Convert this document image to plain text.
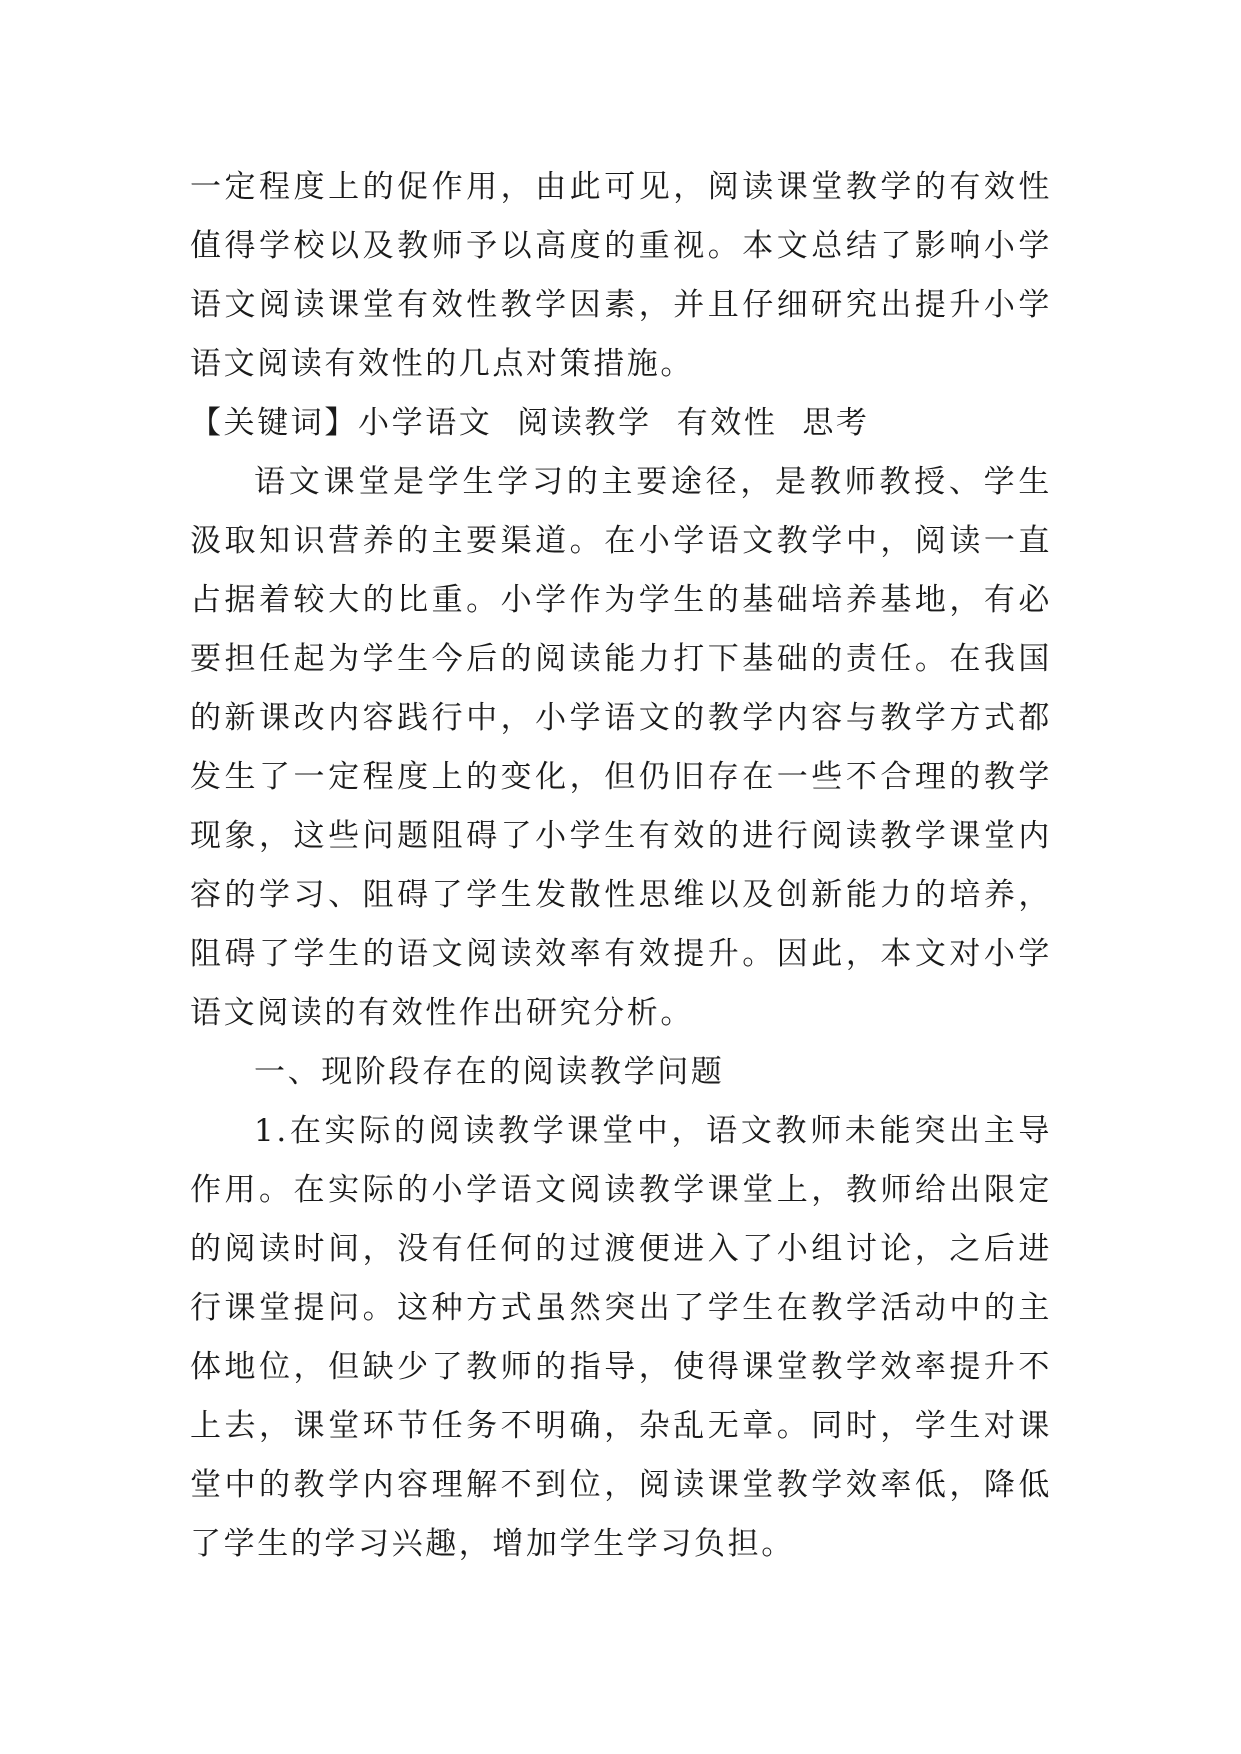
一定程度上的促作用，由此可见，阅读课堂教学的有效性值得学校以及教师予以高度的重视。本文总结了影响小学语文阅读课堂有效性教学因素，并且仔细研究出提升小学语文阅读有效性的几点对策措施。

【关键词】小学语文  阅读教学  有效性  思考

语文课堂是学生学习的主要途径，是教师教授、学生汲取知识营养的主要渠道。在小学语文教学中，阅读一直占据着较大的比重。小学作为学生的基础培养基地，有必要担任起为学生今后的阅读能力打下基础的责任。在我国的新课改内容践行中，小学语文的教学内容与教学方式都发生了一定程度上的变化，但仍旧存在一些不合理的教学现象，这些问题阻碍了小学生有效的进行阅读教学课堂内容的学习、阻碍了学生发散性思维以及创新能力的培养，阻碍了学生的语文阅读效率有效提升。因此，本文对小学语文阅读的有效性作出研究分析。

一、现阶段存在的阅读教学问题

1.在实际的阅读教学课堂中，语文教师未能突出主导作用。在实际的小学语文阅读教学课堂上，教师给出限定的阅读时间，没有任何的过渡便进入了小组讨论，之后进行课堂提问。这种方式虽然突出了学生在教学活动中的主体地位，但缺少了教师的指导，使得课堂教学效率提升不上去，课堂环节任务不明确，杂乱无章。同时，学生对课堂中的教学内容理解不到位，阅读课堂教学效率低，降低了学生的学习兴趣，增加学生学习负担。
